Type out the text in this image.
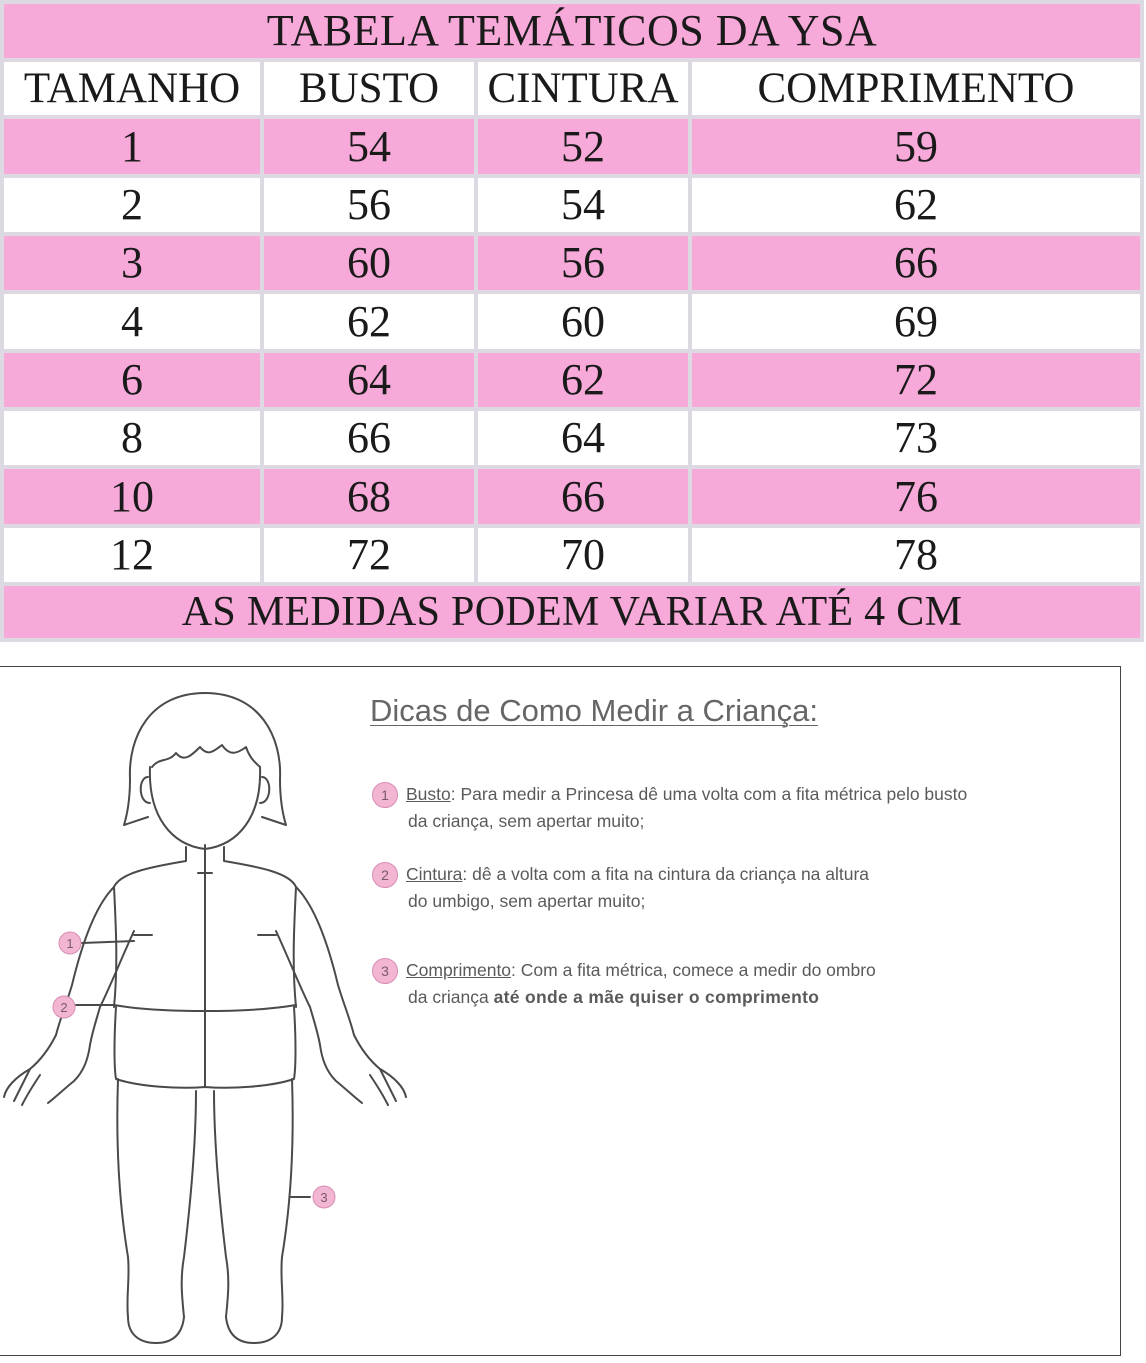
TABELA TEMÁTICOS DA YSA			
TAMANHO	BUSTO	CINTURA	COMPRIMENTO
1	54	52	59
2	56	54	62
3	60	56	66
4	62	60	69
6	64	62	72
8	66	64	73
10	68	66	76
12	72	70	78
AS MEDIDAS PODEM VARIAR ATÉ 4 CM			
1
2
3
Dicas de Como Medir a Criança:
1 Busto: Para medir a Princesa dê uma volta com a fita métrica pelo busto
da criança, sem apertar muito;
2 Cintura: dê a volta com a fita na cintura da criança na altura
do umbigo, sem apertar muito;
3 Comprimento: Com a fita métrica, comece a medir do ombro
da criança até onde a mãe quiser o comprimento
